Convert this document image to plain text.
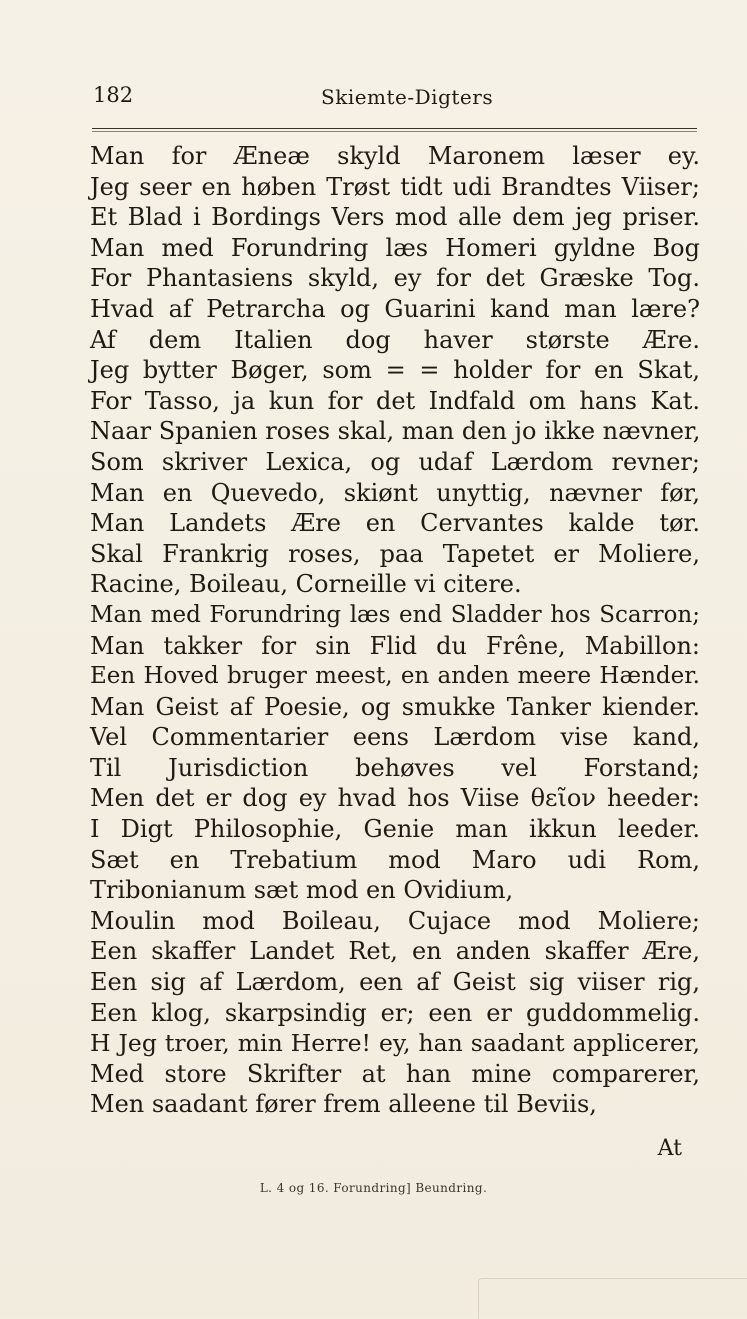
182	Skiemte-Digters
Man for Æneæ skyld Maronem læser ey.
Jeg seer en høben Trøst tidt udi Brandtes Viiser;
Et Blad i Bordings Vers mod alle dem jeg priser.
Man med Forundring læs Homeri gyldne Bog
For Phantasiens skyld, ey for det Græske Tog.
Hvad af Petrarcha og Guarini kand man lære?
Af dem Italien dog haver største Ære.
Jeg bytter Bøger, som = = holder for en Skat,
For Tasso, ja kun for det Indfald om hans Kat.
Naar Spanien roses skal, man den jo ikke nævner,
Som skriver Lexica, og udaf Lærdom revner;
Man en Quevedo, skiønt unyttig, nævner før,
Man Landets Ære en Cervantes kalde tør.
Skal Frankrig roses, paa Tapetet er Moliere,
Racine, Boileau, Corneille vi citere.
Man med Forundring læs end Sladder hos Scarron;
Man takker for sin Flid du Frêne, Mabillon:
Een Hoved bruger meest, en anden meere Hænder.
Man Geist af Poesie, og smukke Tanker kiender.
Vel Commentarier eens Lærdom vise kand,
Til Jurisdiction behøves vel Forstand;
Men det er dog ey hvad hos Viise θεῖον heeder:
I Digt Philosophie, Genie man ikkun leeder.
Sæt en Trebatium mod Maro udi Rom,
Tribonianum sæt mod en Ovidium,
Moulin mod Boileau, Cujace mod Moliere;
Een skaffer Landet Ret, en anden skaffer Ære,
Een sig af Lærdom, een af Geist sig viiser rig,
Een klog, skarpsindig er; een er guddommelig.
H Jeg troer, min Herre! ey, han saadant applicerer,
Med store Skrifter at han mine comparerer,
Men saadant fører frem alleene til Beviis,
At
L. 4 og 16. Forundring] Beundring.
